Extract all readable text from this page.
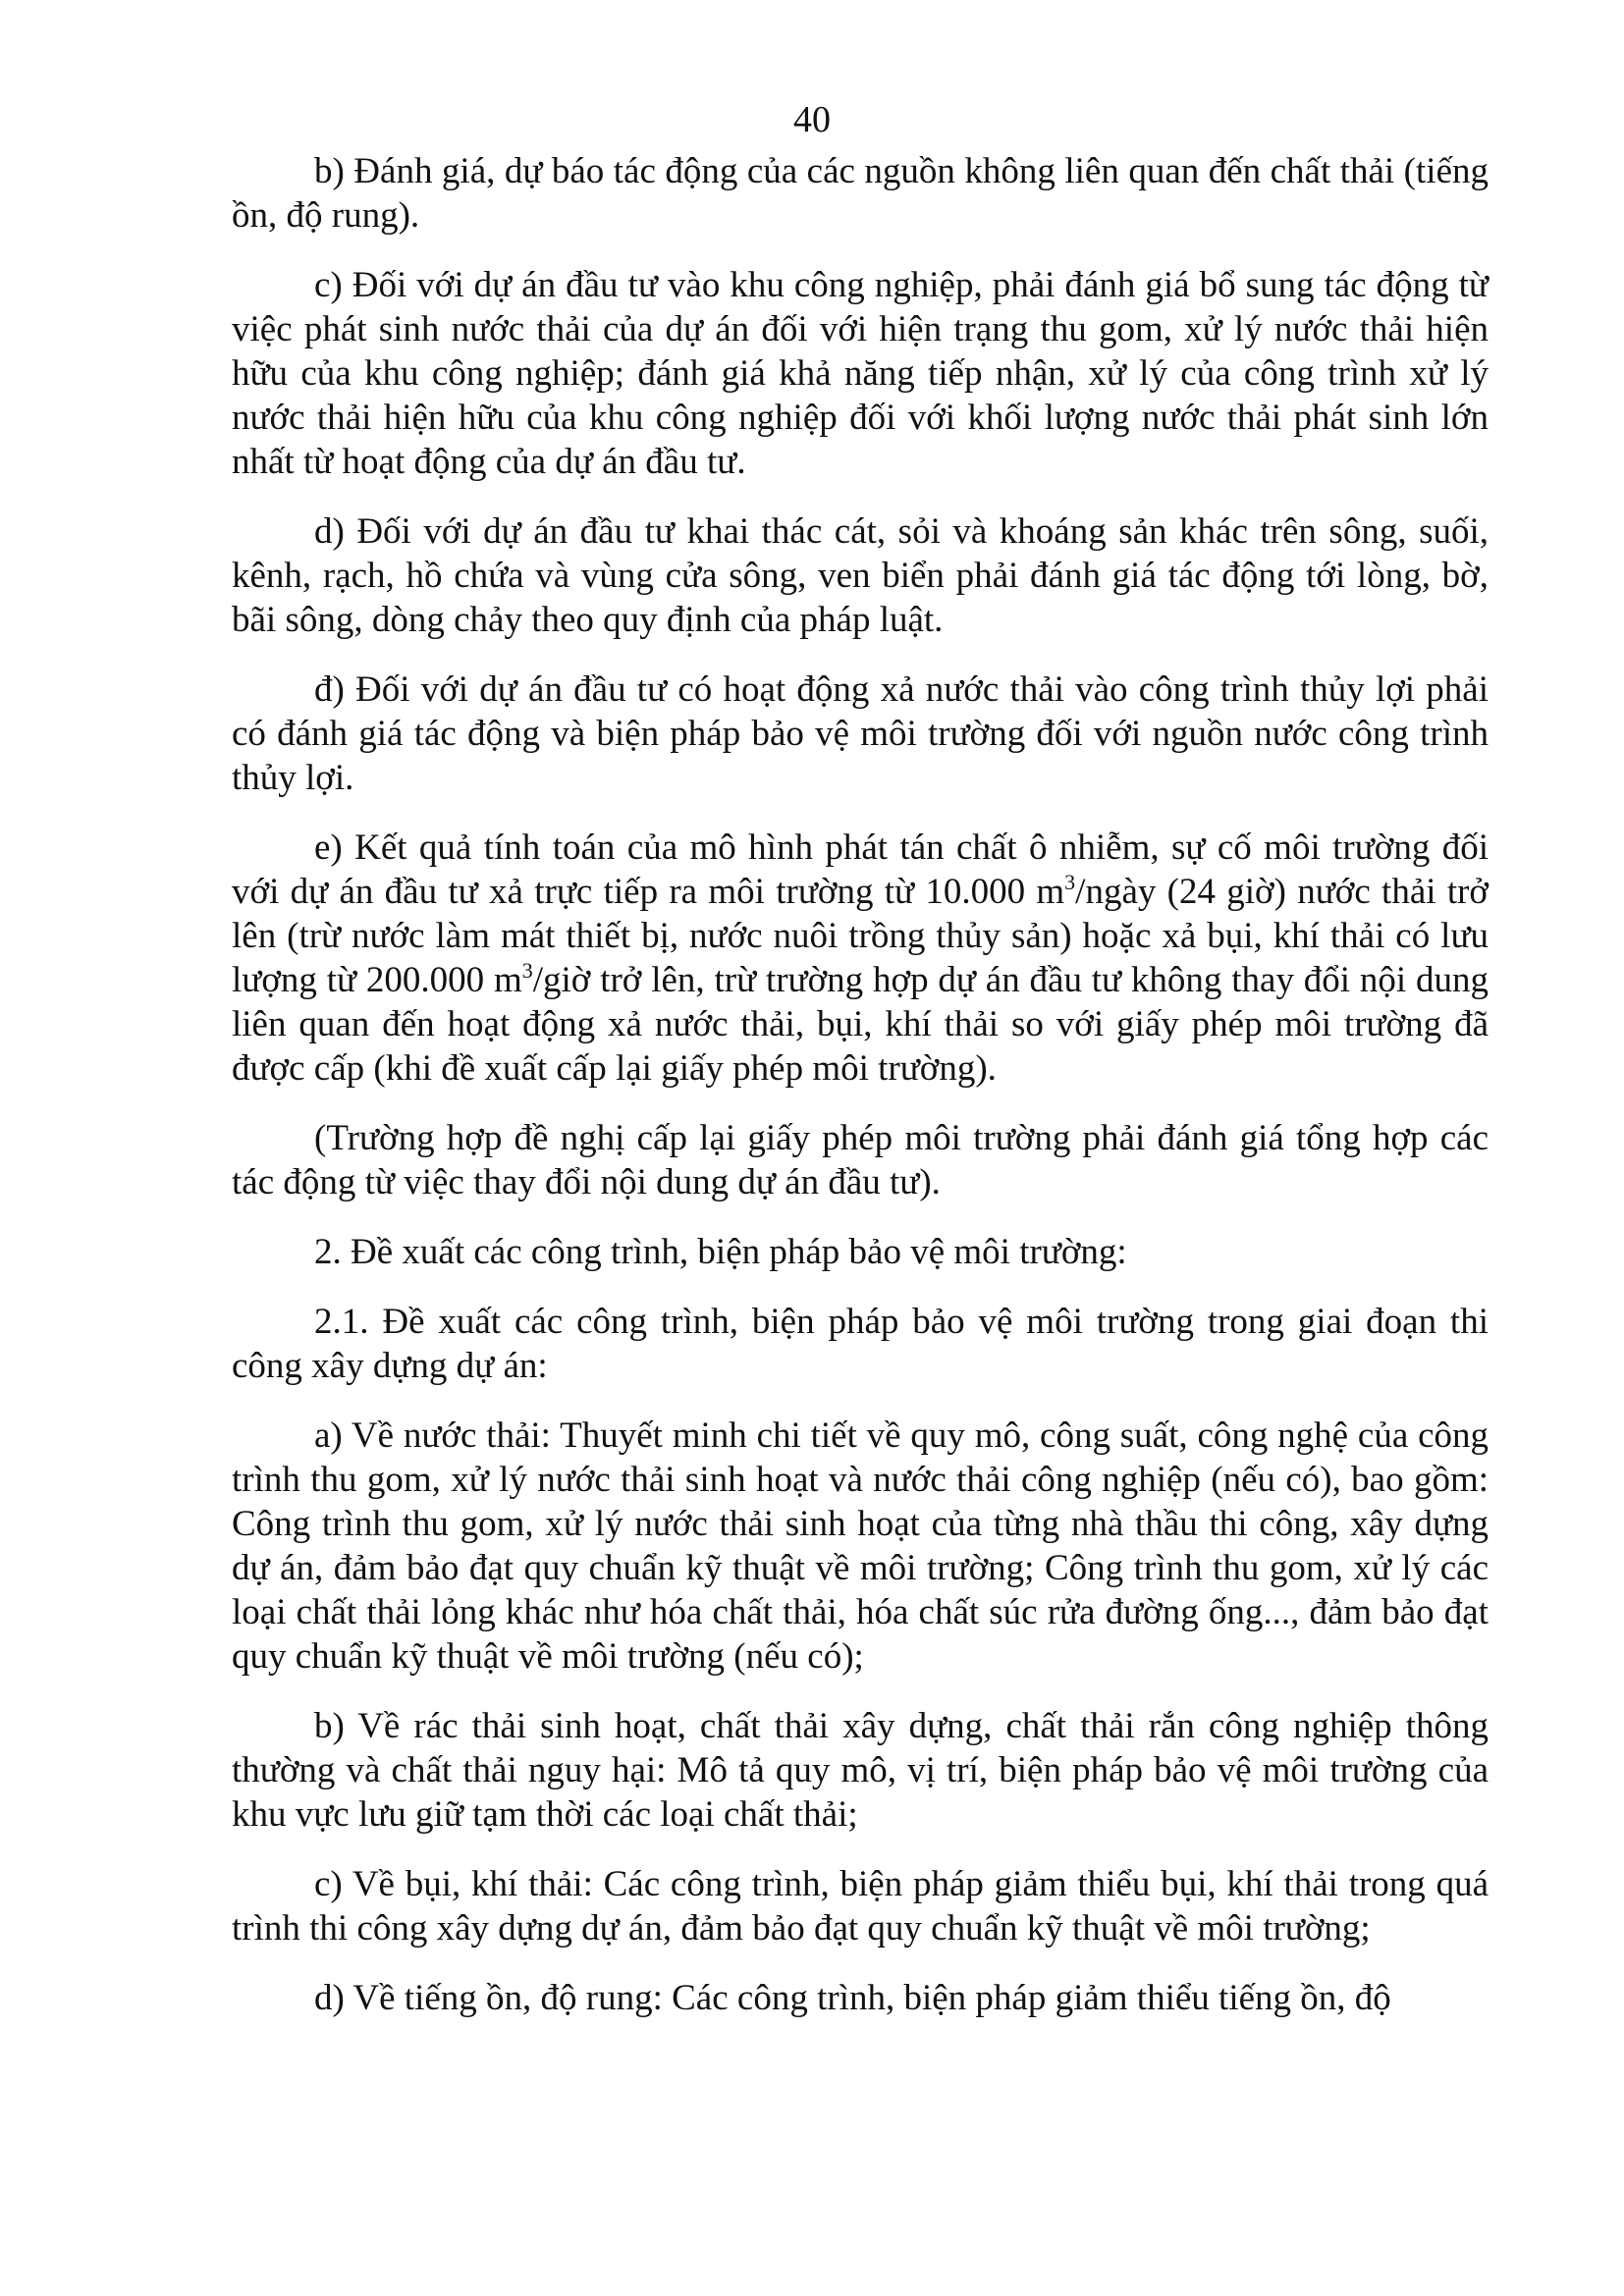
40

b) Đánh giá, dự báo tác động của các nguồn không liên quan đến chất thải (tiếng ồn, độ rung).

c) Đối với dự án đầu tư vào khu công nghiệp, phải đánh giá bổ sung tác động từ việc phát sinh nước thải của dự án đối với hiện trạng thu gom, xử lý nước thải hiện hữu của khu công nghiệp; đánh giá khả năng tiếp nhận, xử lý của công trình xử lý nước thải hiện hữu của khu công nghiệp đối với khối lượng nước thải phát sinh lớn nhất từ hoạt động của dự án đầu tư.

d) Đối với dự án đầu tư khai thác cát, sỏi và khoáng sản khác trên sông, suối, kênh, rạch, hồ chứa và vùng cửa sông, ven biển phải đánh giá tác động tới lòng, bờ, bãi sông, dòng chảy theo quy định của pháp luật.

đ) Đối với dự án đầu tư có hoạt động xả nước thải vào công trình thủy lợi phải có đánh giá tác động và biện pháp bảo vệ môi trường đối với nguồn nước công trình thủy lợi.

e) Kết quả tính toán của mô hình phát tán chất ô nhiễm, sự cố môi trường đối với dự án đầu tư xả trực tiếp ra môi trường từ 10.000 $m^3$/ngày (24 giờ) nước thải trở lên (trừ nước làm mát thiết bị, nước nuôi trồng thủy sản) hoặc xả bụi, khí thải có lưu lượng từ 200.000 $m^3$/giờ trở lên, trừ trường hợp dự án đầu tư không thay đổi nội dung liên quan đến hoạt động xả nước thải, bụi, khí thải so với giấy phép môi trường đã được cấp (khi đề xuất cấp lại giấy phép môi trường).

(Trường hợp đề nghị cấp lại giấy phép môi trường phải đánh giá tổng hợp các tác động từ việc thay đổi nội dung dự án đầu tư).

2. Đề xuất các công trình, biện pháp bảo vệ môi trường:

2.1. Đề xuất các công trình, biện pháp bảo vệ môi trường trong giai đoạn thi công xây dựng dự án:

a) Về nước thải: Thuyết minh chi tiết về quy mô, công suất, công nghệ của công trình thu gom, xử lý nước thải sinh hoạt và nước thải công nghiệp (nếu có), bao gồm: Công trình thu gom, xử lý nước thải sinh hoạt của từng nhà thầu thi công, xây dựng dự án, đảm bảo đạt quy chuẩn kỹ thuật về môi trường; Công trình thu gom, xử lý các loại chất thải lỏng khác như hóa chất thải, hóa chất súc rửa đường ống..., đảm bảo đạt quy chuẩn kỹ thuật về môi trường (nếu có);

b) Về rác thải sinh hoạt, chất thải xây dựng, chất thải rắn công nghiệp thông thường và chất thải nguy hại: Mô tả quy mô, vị trí, biện pháp bảo vệ môi trường của khu vực lưu giữ tạm thời các loại chất thải;

c) Về bụi, khí thải: Các công trình, biện pháp giảm thiểu bụi, khí thải trong quá trình thi công xây dựng dự án, đảm bảo đạt quy chuẩn kỹ thuật về môi trường;

d) Về tiếng ồn, độ rung: Các công trình, biện pháp giảm thiểu tiếng ồn, độ
